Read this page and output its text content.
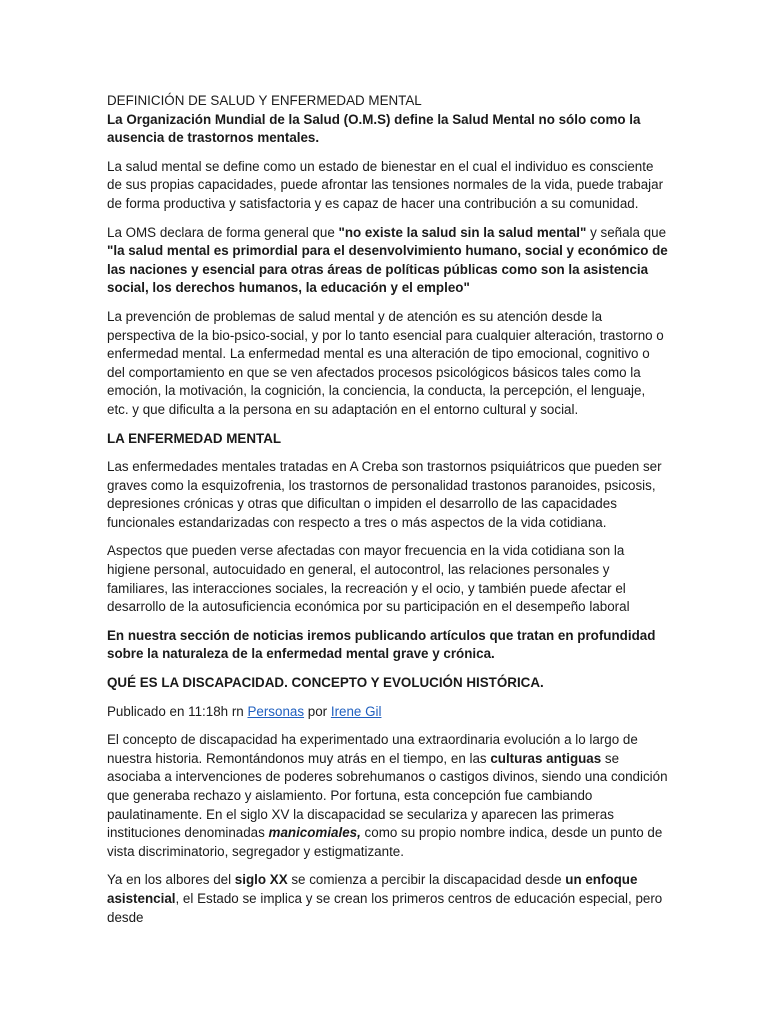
DEFINICIÓN DE SALUD Y ENFERMEDAD MENTAL

La Organización Mundial de la Salud (O.M.S) define la Salud Mental no sólo como la ausencia de trastornos mentales.

La salud mental se define como un estado de bienestar en el cual el individuo es consciente de sus propias capacidades, puede afrontar las tensiones normales de la vida, puede trabajar de forma productiva y satisfactoria y es capaz de hacer una contribución a su comunidad.

La OMS declara de forma general que "no existe la salud sin la salud mental" y señala que "la salud mental es primordial para el desenvolvimiento humano, social y económico de las naciones y esencial para otras áreas de políticas públicas como son la asistencia social, los derechos humanos, la educación y el empleo"

La prevención de problemas de salud mental y de atención es su atención desde la perspectiva de la bio-psico-social, y por lo tanto esencial para cualquier alteración, trastorno o enfermedad mental. La enfermedad mental es una alteración de tipo emocional, cognitivo o del comportamiento en que se ven afectados procesos psicológicos básicos tales como la emoción, la motivación, la cognición, la conciencia, la conducta, la percepción, el lenguaje, etc. y que dificulta a la persona en su adaptación en el entorno cultural y social.

LA ENFERMEDAD MENTAL

Las enfermedades mentales tratadas en A Creba son trastornos psiquiátricos que pueden ser graves como la esquizofrenia, los trastornos de personalidad trastonos paranoides, psicosis, depresiones crónicas y otras que dificultan o impiden el desarrollo de las capacidades funcionales estandarizadas con respecto a tres o más aspectos de la vida cotidiana.

Aspectos que pueden verse afectadas con mayor frecuencia en la vida cotidiana son la higiene personal, autocuidado en general, el autocontrol, las relaciones personales y familiares, las interacciones sociales, la recreación y el ocio, y también puede afectar el desarrollo de la autosuficiencia económica por su participación en el desempeño laboral

En nuestra sección de noticias iremos publicando artículos que tratan en profundidad sobre la naturaleza de la enfermedad mental grave y crónica.

QUÉ ES LA DISCAPACIDAD. CONCEPTO Y EVOLUCIÓN HISTÓRICA.

Publicado en 11:18h rn Personas por Irene Gil

El concepto de discapacidad ha experimentado una extraordinaria evolución a lo largo de nuestra historia. Remontándonos muy atrás en el tiempo, en las culturas antiguas se asociaba a intervenciones de poderes sobrehumanos o castigos divinos, siendo una condición que generaba rechazo y aislamiento. Por fortuna, esta concepción fue cambiando paulatinamente. En el siglo XV la discapacidad se seculariza y aparecen las primeras instituciones denominadas manicomiales, como su propio nombre indica, desde un punto de vista discriminatorio, segregador y estigmatizante.

Ya en los albores del siglo XX se comienza a percibir la discapacidad desde un enfoque asistencial, el Estado se implica y se crean los primeros centros de educación especial, pero desde
